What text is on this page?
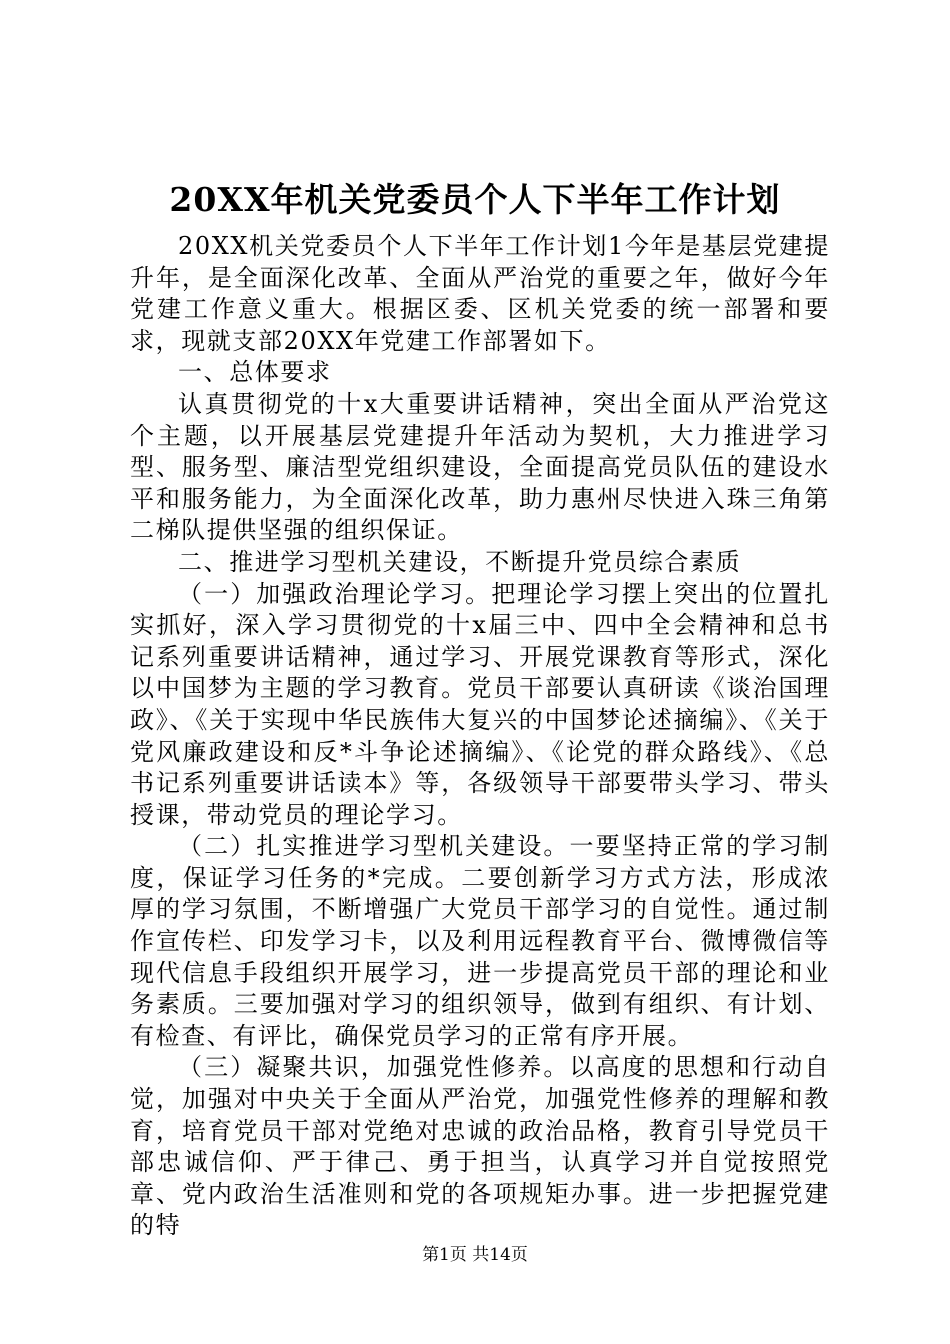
20XX年机关党委员个人下半年工作计划

20XX机关党委员个人下半年工作计划1今年是基层党建提升年，是全面深化改革、全面从严治党的重要之年，做好今年党建工作意义重大。根据区委、区机关党委的统一部署和要求，现就支部20XX年党建工作部署如下。

一、总体要求

认真贯彻党的十x大重要讲话精神，突出全面从严治党这个主题，以开展基层党建提升年活动为契机，大力推进学习型、服务型、廉洁型党组织建设，全面提高党员队伍的建设水平和服务能力，为全面深化改革，助力惠州尽快进入珠三角第二梯队提供坚强的组织保证。

二、推进学习型机关建设，不断提升党员综合素质

（一）加强政治理论学习。把理论学习摆上突出的位置扎实抓好，深入学习贯彻党的十x届三中、四中全会精神和总书记系列重要讲话精神，通过学习、开展党课教育等形式，深化以中国梦为主题的学习教育。党员干部要认真研读《谈治国理政》、《关于实现中华民族伟大复兴的中国梦论述摘编》、《关于党风廉政建设和反*斗争论述摘编》、《论党的群众路线》、《总书记系列重要讲话读本》等，各级领导干部要带头学习、带头授课，带动党员的理论学习。

（二）扎实推进学习型机关建设。一要坚持正常的学习制度，保证学习任务的*完成。二要创新学习方式方法，形成浓厚的学习氛围，不断增强广大党员干部学习的自觉性。通过制作宣传栏、印发学习卡，以及利用远程教育平台、微博微信等现代信息手段组织开展学习，进一步提高党员干部的理论和业务素质。三要加强对学习的组织领导，做到有组织、有计划、有检查、有评比，确保党员学习的正常有序开展。

（三）凝聚共识，加强党性修养。以高度的思想和行动自觉，加强对中央关于全面从严治党，加强党性修养的理解和教育，培育党员干部对党绝对忠诚的政治品格，教育引导党员干部忠诚信仰、严于律己、勇于担当，认真学习并自觉按照党章、党内政治生活准则和党的各项规矩办事。进一步把握党建的特

第1页 共14页
